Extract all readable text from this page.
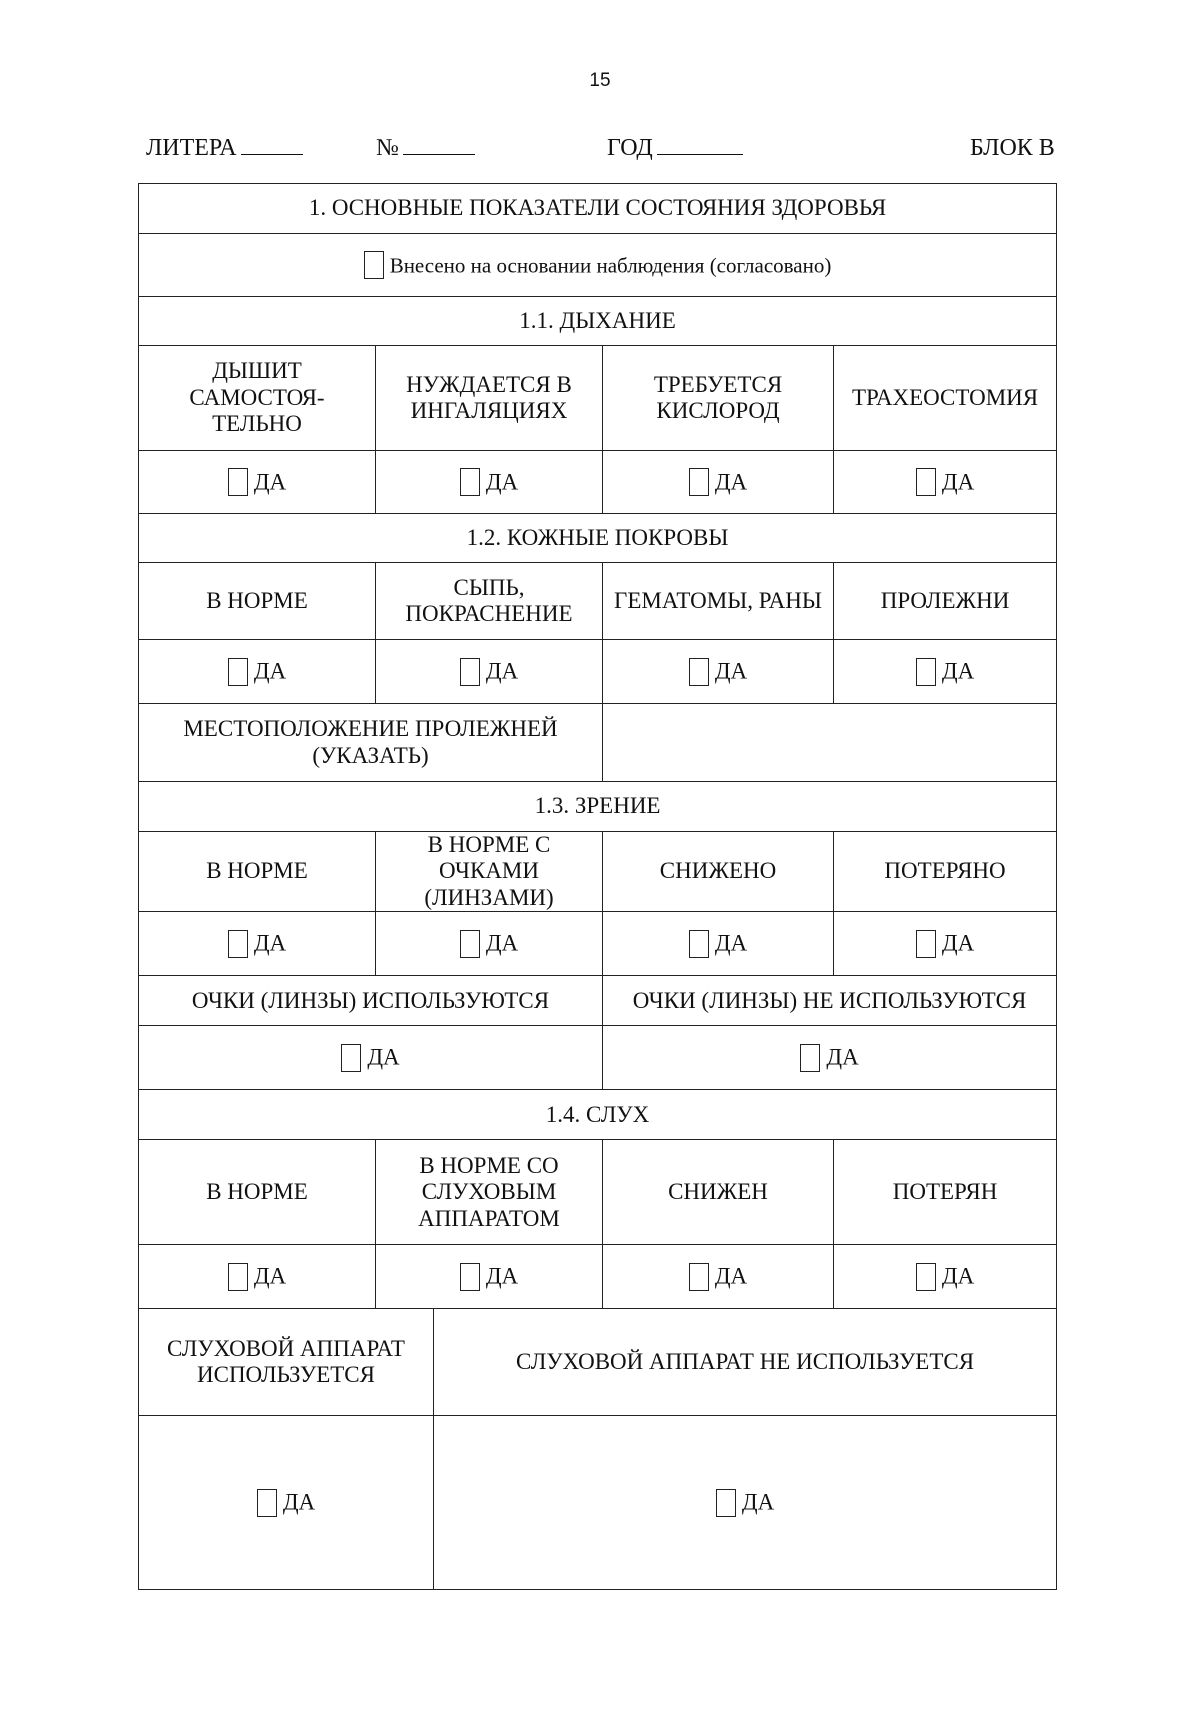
15
ЛИТЕРА	№	ГОД	БЛОК В
1. ОСНОВНЫЕ ПОКАЗАТЕЛИ СОСТОЯНИЯ ЗДОРОВЬЯ				
Внесено на основании наблюдения (согласовано)				
1.1. ДЫХАНИЕ				
ДЫШИТ САМОСТОЯ-ТЕЛЬНО	НУЖДАЕТСЯ В ИНГАЛЯЦИЯХ		ТРЕБУЕТСЯ КИСЛОРОД	ТРАХЕОСТОМИЯ
ДА	ДА		ДА	ДА
1.2. КОЖНЫЕ ПОКРОВЫ				
В НОРМЕ	СЫПЬ, ПОКРАСНЕНИЕ		ГЕМАТОМЫ, РАНЫ	ПРОЛЕЖНИ
ДА	ДА		ДА	ДА
МЕСТОПОЛОЖЕНИЕ ПРОЛЕЖНЕЙ (УКАЗАТЬ)				
1.3. ЗРЕНИЕ				
В НОРМЕ	В НОРМЕ С ОЧКАМИ (ЛИНЗАМИ)		СНИЖЕНО	ПОТЕРЯНО
ДА	ДА		ДА	ДА
ОЧКИ (ЛИНЗЫ) ИСПОЛЬЗУЮТСЯ			ОЧКИ (ЛИНЗЫ) НЕ ИСПОЛЬЗУЮТСЯ	
ДА			ДА	
1.4. СЛУХ				
В НОРМЕ	В НОРМЕ СО СЛУХОВЫМ АППАРАТОМ		СНИЖЕН	ПОТЕРЯН
ДА	ДА		ДА	ДА
СЛУХОВОЙ АППАРАТ ИСПОЛЬЗУЕТСЯ		СЛУХОВОЙ АППАРАТ НЕ ИСПОЛЬЗУЕТСЯ		
ДА		ДА		
